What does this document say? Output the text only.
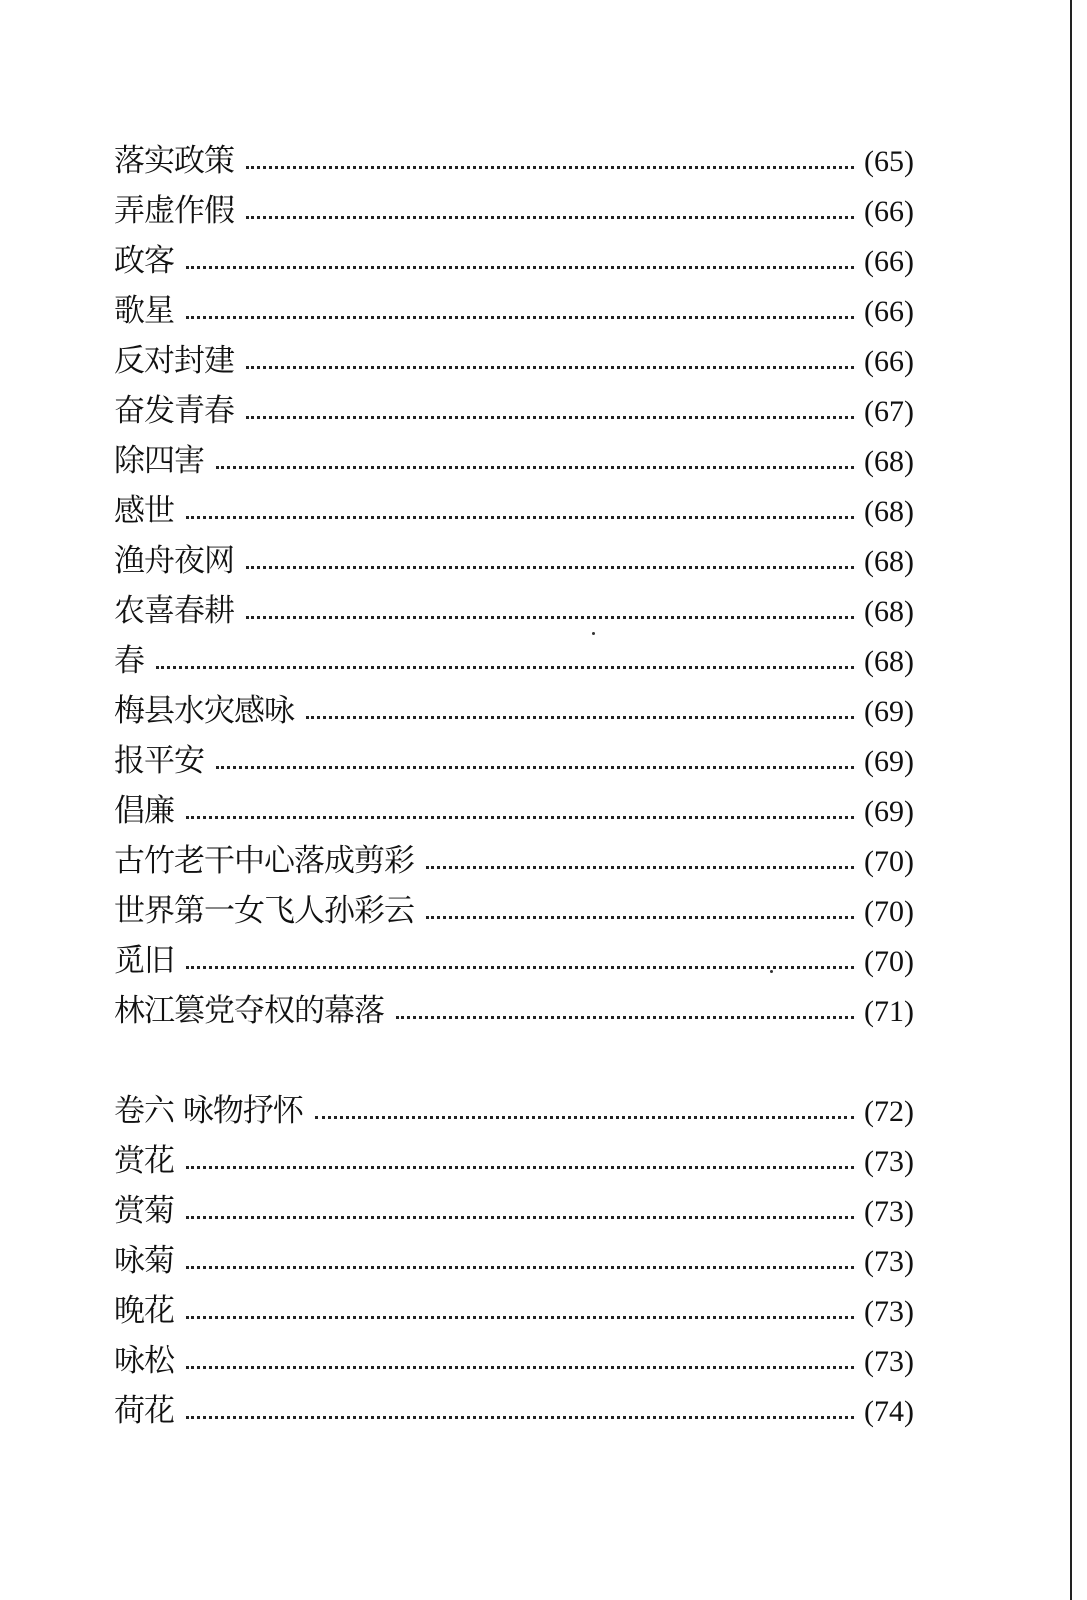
落实政策	(65)
弄虚作假	(66)
政客	(66)
歌星	(66)
反对封建	(66)
奋发青春	(67)
除四害	(68)
感世	(68)
渔舟夜网	(68)
农喜春耕	(68)
春	(68)
梅县水灾感咏	(69)
报平安	(69)
倡廉	(69)
古竹老干中心落成剪彩	(70)
世界第一女飞人孙彩云	(70)
觅旧	(70)
林江篡党夺权的幕落	(71)
卷六 咏物抒怀	(72)
赏花	(73)
赏菊	(73)
咏菊	(73)
晚花	(73)
咏松	(73)
荷花	(74)
